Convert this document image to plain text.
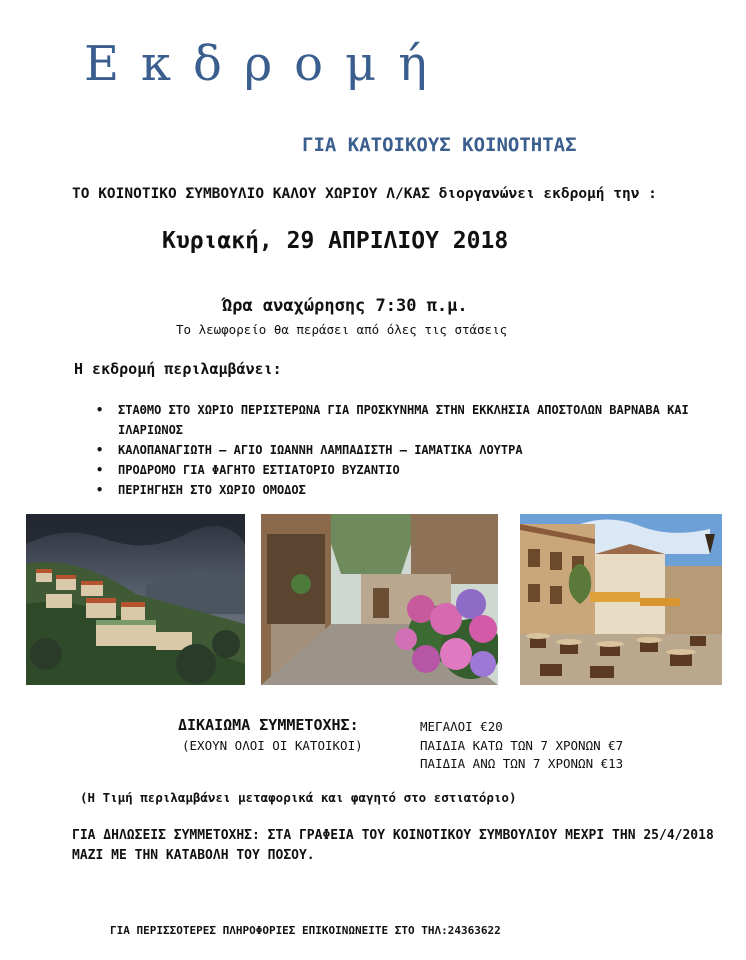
Εκδρομή
ΓΙΑ ΚΑΤΟΙΚΟΥΣ ΚΟΙΝΟΤΗΤΑΣ
ΤΟ ΚΟΙΝΟΤΙΚΟ ΣΥΜΒΟΥΛΙΟ ΚΑΛΟΥ ΧΩΡΙΟΥ Λ/ΚΑΣ διοργανώνει εκδρομή την :
Κυριακή, 29 ΑΠΡΙΛΙΟΥ 2018
Ώρα αναχώρησης 7:30 π.μ.
Το λεωφορείο θα περάσει από όλες τις στάσεις
Η εκδρομή περιλαμβάνει:
• ΣΤΑΘΜΟ ΣΤΟ ΧΩΡΙΟ ΠΕΡΙΣΤΕΡΩΝΑ ΓΙΑ ΠΡΟΣΚΥΝΗΜΑ ΣΤΗΝ ΕΚΚΛΗΣΙΑ ΑΠΟΣΤΟΛΩΝ ΒΑΡΝΑΒΑ ΚΑΙ ΙΛΑΡΙΩΝΟΣ
• ΚΑΛΟΠΑΝΑΓΙΩΤΗ – ΑΓΙΟ ΙΩΑΝΝΗ ΛΑΜΠΑΔΙΣΤΗ – ΙΑΜΑΤΙΚΑ ΛΟΥΤΡΑ
• ΠΡΟΔΡΟΜΟ ΓΙΑ ΦΑΓΗΤΟ ΕΣΤΙΑΤΟΡΙΟ ΒΥΖΑΝΤΙΟ
• ΠΕΡΙΗΓΗΣΗ ΣΤΟ ΧΩΡΙΟ ΟΜΟΔΟΣ
ΔΙΚΑΙΩΜΑ ΣΥΜΜΕΤΟΧΗΣ:
(ΕΧΟΥΝ ΟΛΟΙ ΟΙ ΚΑΤΟΙΚΟΙ)
ΜΕΓΑΛΟΙ €20
ΠΑΙΔΙΑ ΚΑΤΩ ΤΩΝ 7 ΧΡΟΝΩΝ €7
ΠΑΙΔΙΑ ΑΝΩ ΤΩΝ 7 ΧΡΟΝΩΝ €13
(Η Τιμή περιλαμβάνει μεταφορικά και φαγητό στο εστιατόριο)
ΓΙΑ ΔΗΛΩΣΕΙΣ ΣΥΜΜΕΤΟΧΗΣ: ΣΤΑ ΓΡΑΦΕΙΑ ΤΟΥ ΚΟΙΝΟΤΙΚΟΥ ΣΥΜΒΟΥΛΙΟΥ ΜΕΧΡΙ ΤΗΝ 25/4/2018 ΜΑΖΙ ΜΕ ΤΗΝ ΚΑΤΑΒΟΛΗ ΤΟΥ ΠΟΣΟΥ.
ΓΙΑ ΠΕΡΙΣΣΟΤΕΡΕΣ ΠΛΗΡΟΦΟΡΙΕΣ ΕΠΙΚΟΙΝΩΝΕΙΤΕ ΣΤΟ ΤΗΛ:24363622
